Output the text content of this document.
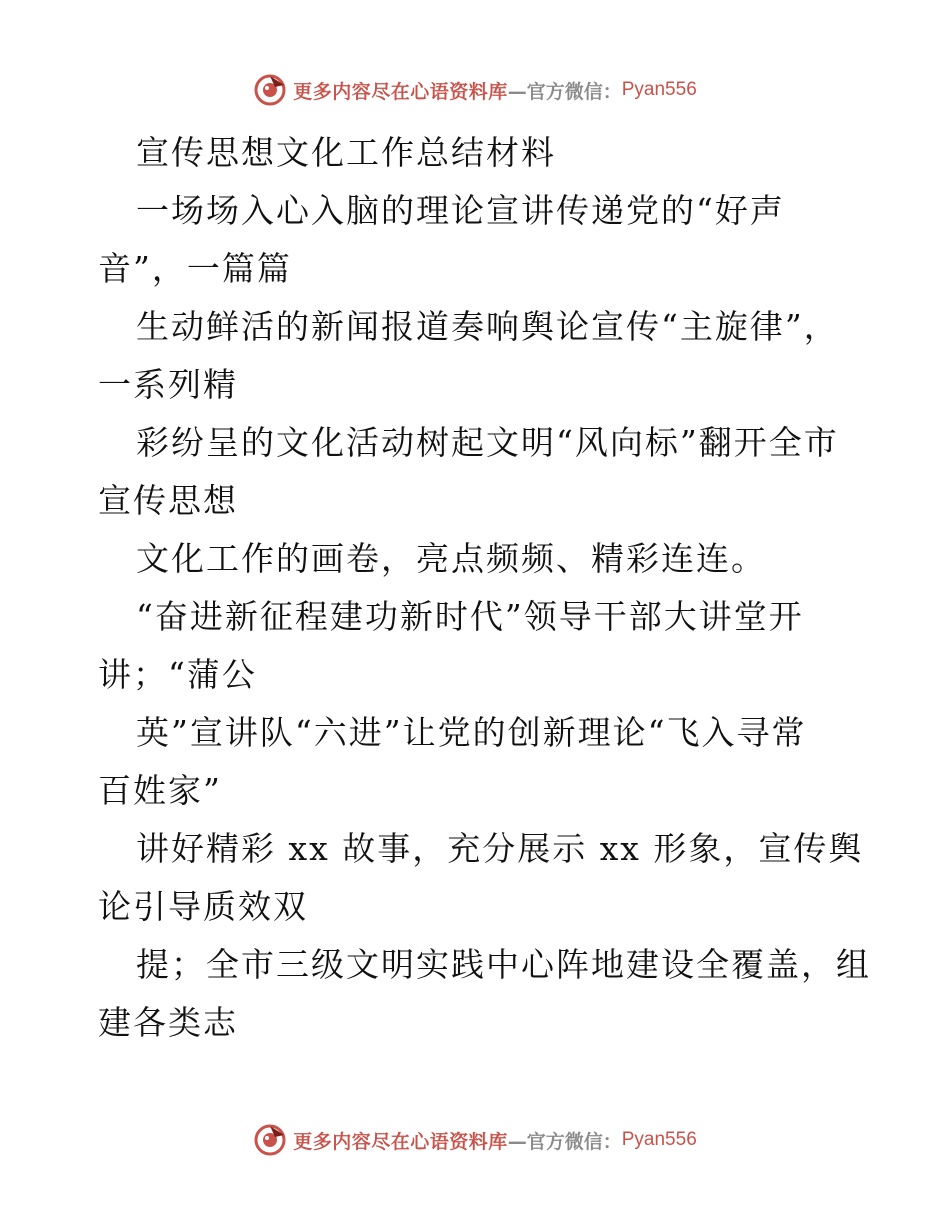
更多内容尽在心语资料库 —官方微信： Pyan556
宣传思想文化工作总结材料
一场场入心入脑的理论宣讲传递党的“好声
音”，一篇篇
生动鲜活的新闻报道奏响舆论宣传“主旋律”，
一系列精
彩纷呈的文化活动树起文明“风向标”翻开全市
宣传思想
文化工作的画卷，亮点频频、精彩连连。
“奋进新征程建功新时代”领导干部大讲堂开
讲；“蒲公
英”宣讲队“六进”让党的创新理论“飞入寻常
百姓家”
讲好精彩 xx 故事，充分展示 xx 形象，宣传舆
论引导质效双
提；全市三级文明实践中心阵地建设全覆盖，组
建各类志
更多内容尽在心语资料库 —官方微信： Pyan556
